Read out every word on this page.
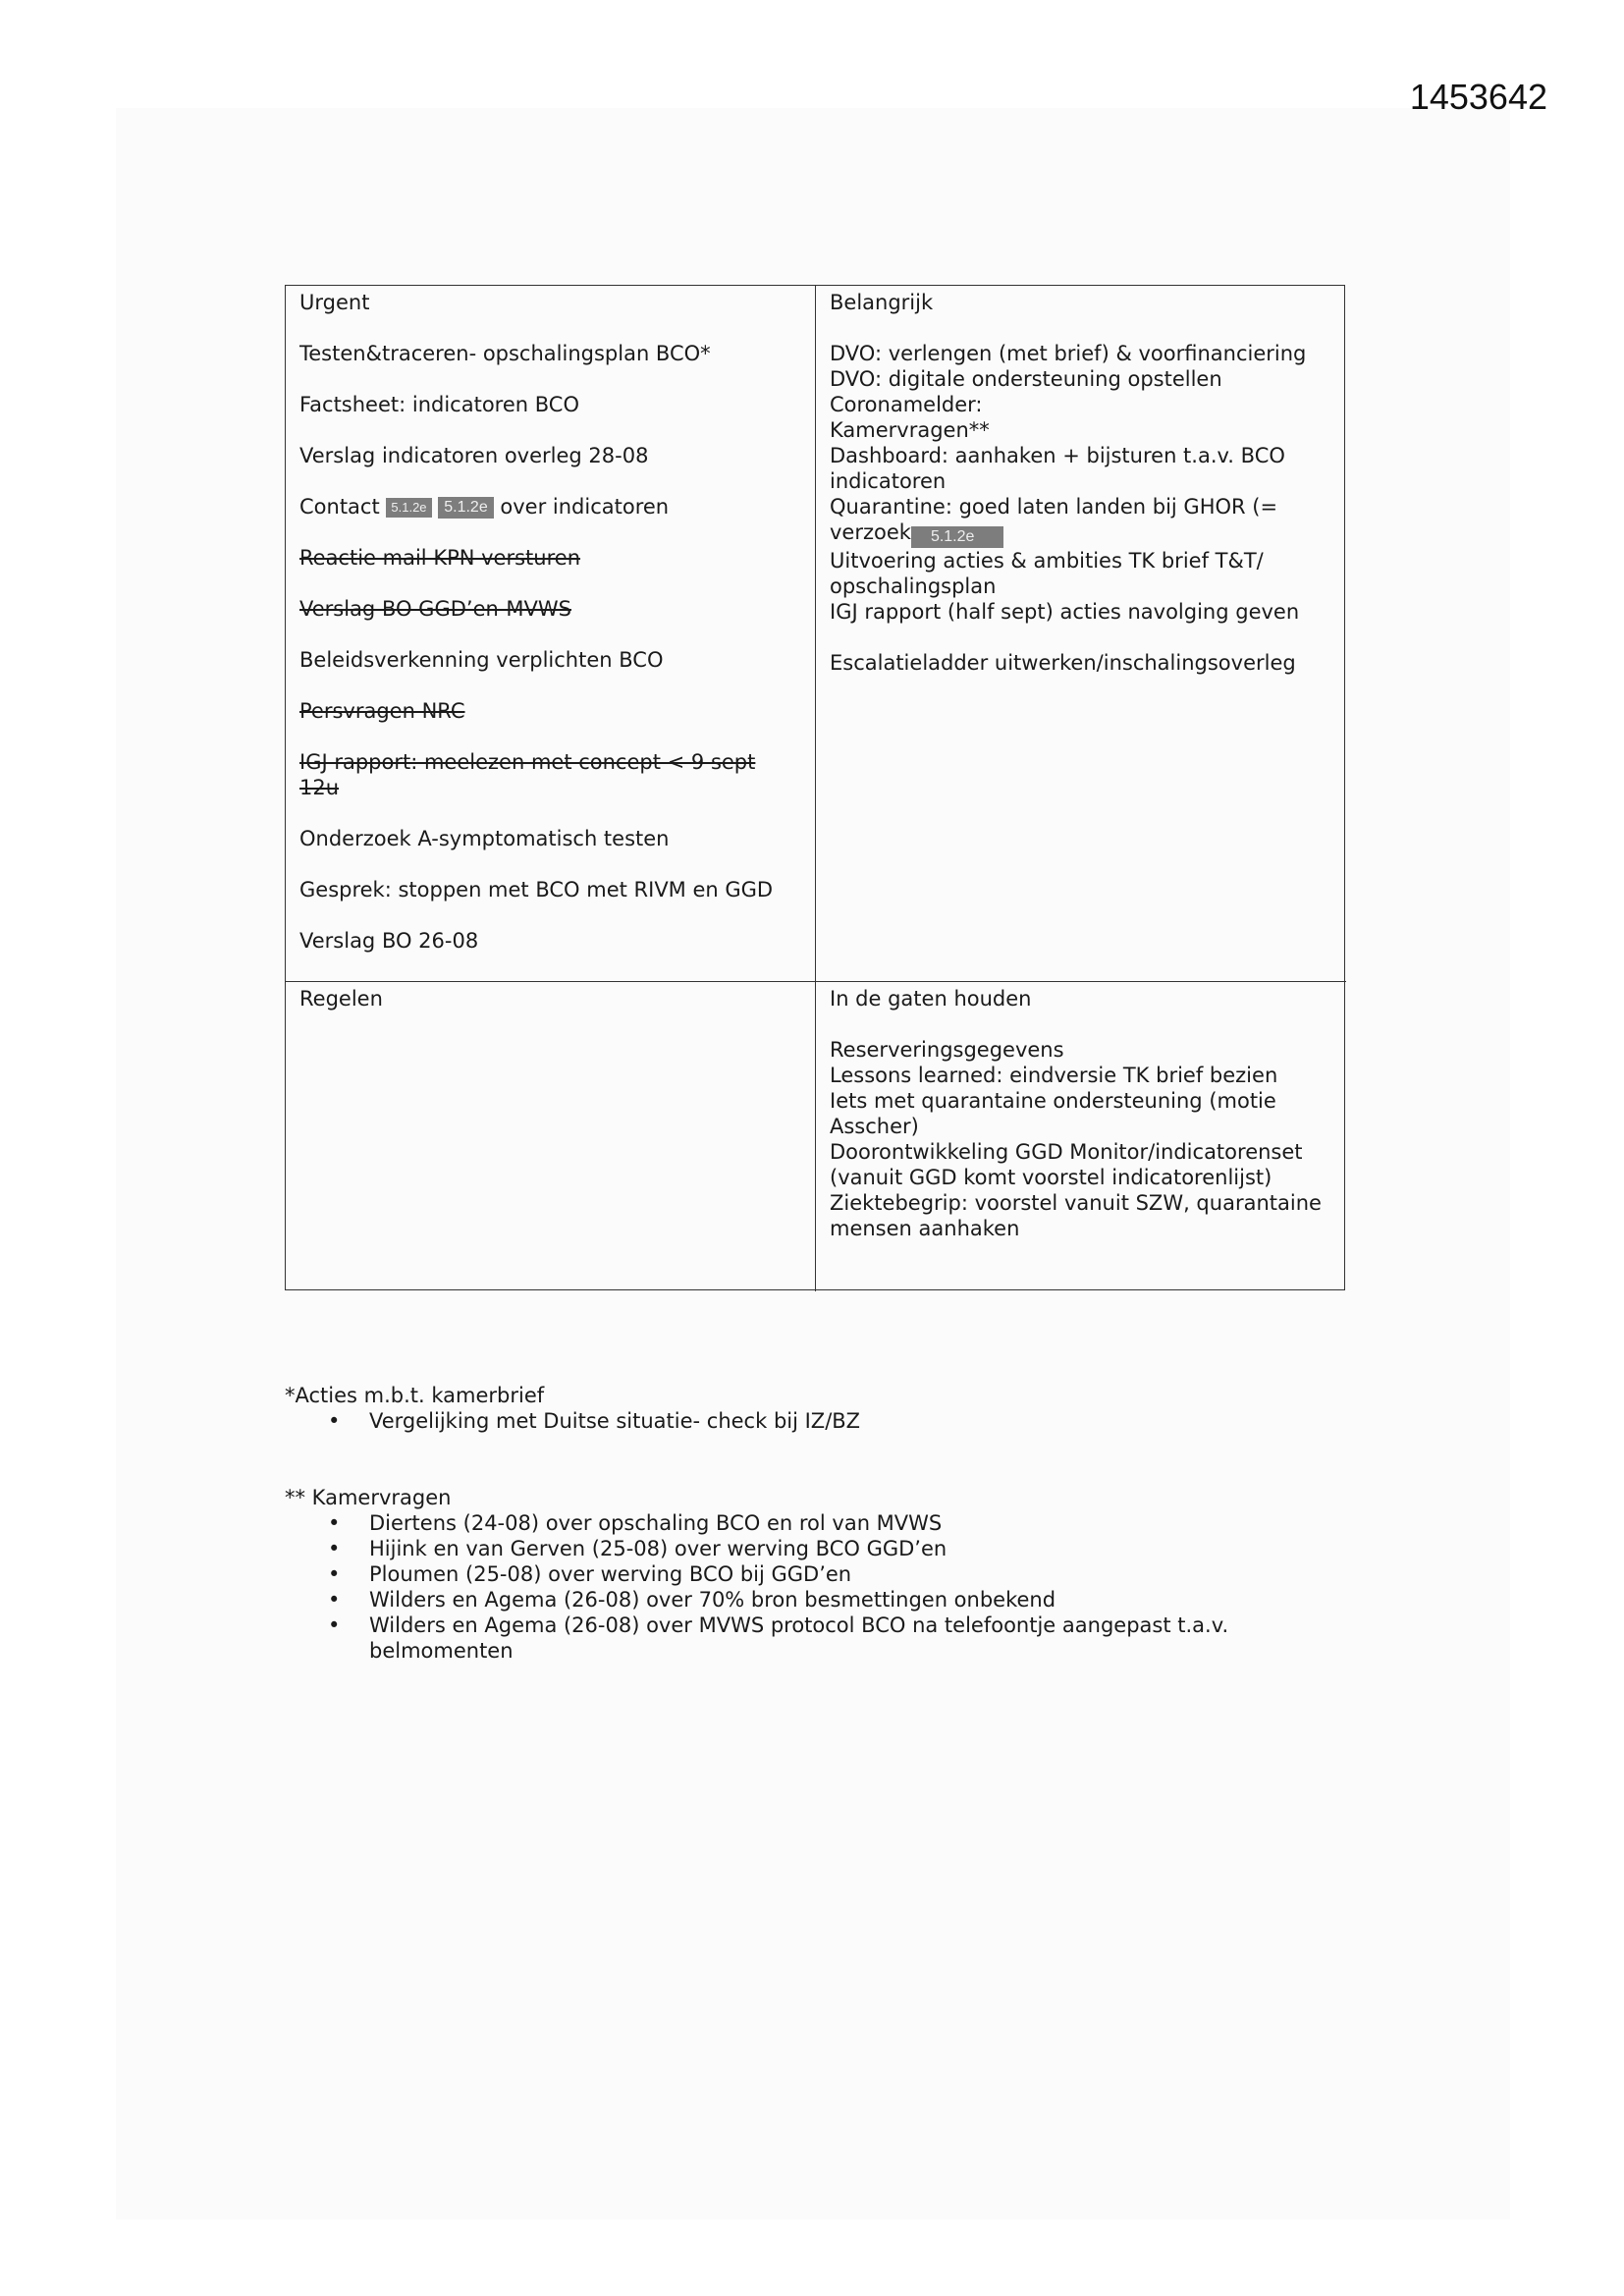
1453642

Urgent

Testen&traceren- opschalingsplan BCO*

Factsheet: indicatoren BCO

Verslag indicatoren overleg 28-08

Contact 5.1.2e 5.1.2e over indicatoren

Reactie mail KPN versturen

Verslag BO GGD’en-MVWS

Beleidsverkenning verplichten BCO

Persvragen NRC

IGJ rapport: meelezen met concept < 9 sept 12u

Onderzoek A-symptomatisch testen

Gesprek: stoppen met BCO met RIVM en GGD

Verslag BO 26-08

Belangrijk

DVO: verlengen (met brief) & voorfinanciering

DVO: digitale ondersteuning opstellen

Coronamelder:

Kamervragen**

Dashboard: aanhaken + bijsturen t.a.v. BCO indicatoren

Quarantine: goed laten landen bij GHOR (= verzoek 5.1.2e

Uitvoering acties & ambities TK brief T&T/ opschalingsplan

IGJ rapport (half sept) acties navolging geven

Escalatieladder uitwerken/inschalingsoverleg

Regelen	In de gaten houden

Reserveringsgegevens

Lessons learned: eindversie TK brief bezien

Iets met quarantaine ondersteuning (motie Asscher)

Doorontwikkeling GGD Monitor/indicatorenset (vanuit GGD komt voorstel indicatorenlijst)

Ziektebegrip: voorstel vanuit SZW, quarantaine mensen aanhaken

*Acties m.b.t. kamerbrief

• Vergelijking met Duitse situatie- check bij IZ/BZ

** Kamervragen

• Diertens (24-08) over opschaling BCO en rol van MVWS
• Hijink en van Gerven (25-08) over werving BCO GGD’en
• Ploumen (25-08) over werving BCO bij GGD’en
• Wilders en Agema (26-08) over 70% bron besmettingen onbekend
• Wilders en Agema (26-08) over MVWS protocol BCO na telefoontje aangepast t.a.v. belmomenten
